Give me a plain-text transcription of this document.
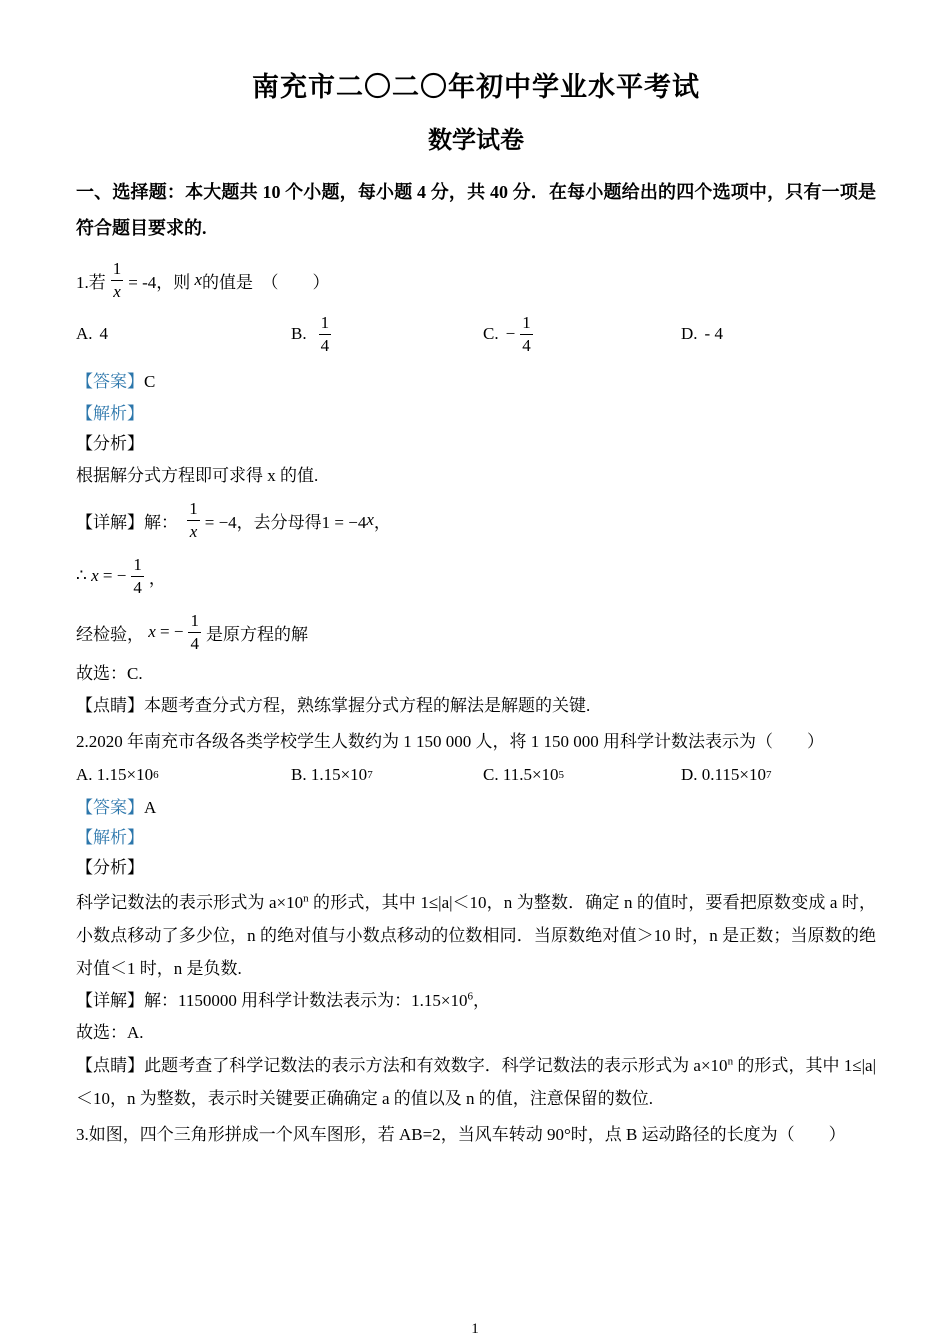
南充市二〇二〇年初中学业水平考试
数学试卷

一、选择题：本大题共 10 个小题，每小题 4 分，共 40 分．在每小题给出的四个选项中，只有一项是符合题目要求的.

1.若 $\frac{1}{x} = -4$，则 x 的值是  （　　）
A. 4	B. $\frac{1}{4}$	C. − $\frac{1}{4}$	D. - 4
【答案】C
【解析】
【分析】
根据解分式方程即可求得 x 的值.
【详解】解： $\frac{1}{x} = -4$，去分母得1 = −4 x ，
∴ x = − $\frac{1}{4}$ ，
经检验， x = − $\frac{1}{4}$ 是原方程的解
故选：C.
【点睛】本题考查分式方程，熟练掌握分式方程的解法是解题的关键.
2.2020 年南充市各级各类学校学生人数约为 1 150 000 人，将 1 150 000 用科学计数法表示为（　　）
A. 1.15×10 6	B. 1.15×10 7	C. 11.5×10 5	D. 0.115×10 7
【答案】A
【解析】
【分析】

科学记数法的表示形式为 $a\times 10^n$ 的形式，其中 1≤|a|＜10，n 为整数．确定 n 的值时，要看把原数变成 a 时，小数点移动了多少位，n 的绝对值与小数点移动的位数相同．当原数绝对值＞10 时，n 是正数；当原数的绝对值＜1 时，n 是负数.

【详解】解：1150000 用科学计数法表示为：$1.15\times 10^6$，
故选：A.

【点睛】此题考查了科学记数法的表示方法和有效数字．科学记数法的表示形式为 $a\times 10^n$ 的形式，其中 1≤|a|＜10，n 为整数，表示时关键要正确确定 a 的值以及 n 的值，注意保留的数位.

3.如图，四个三角形拼成一个风车图形，若 AB=2，当风车转动 90°时，点 B 运动路径的长度为（　　）
1
